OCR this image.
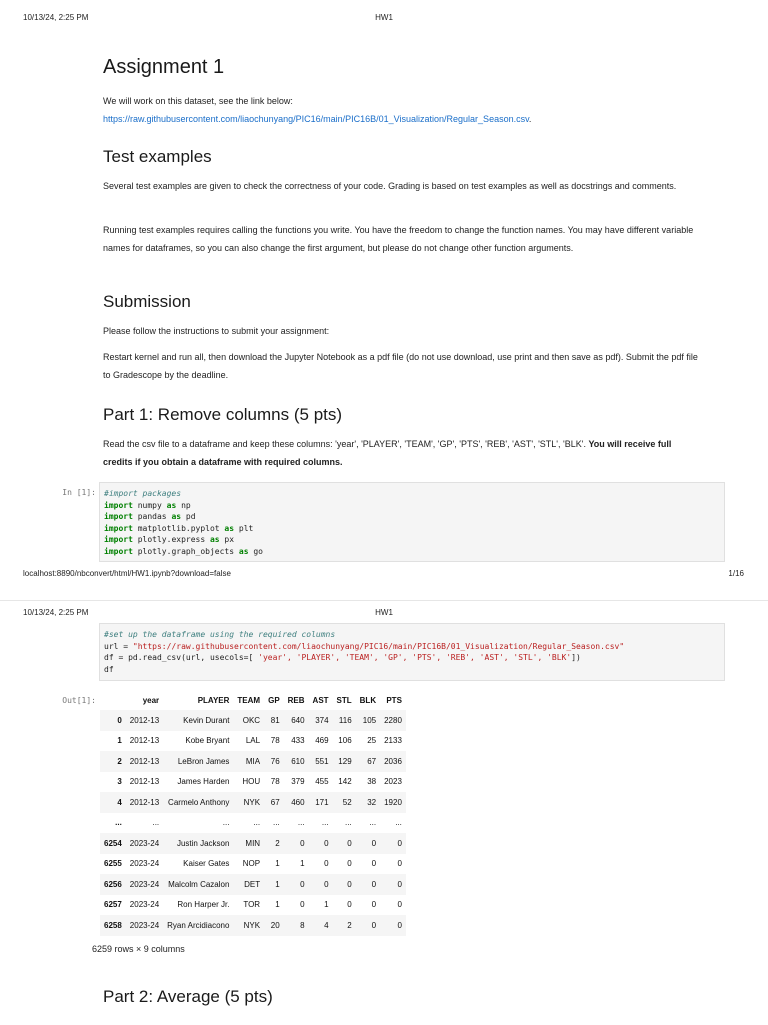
10/13/24, 2:25 PM	HW1
Assignment 1

We will work on this dataset, see the link below:
https://raw.githubusercontent.com/liaochunyang/PIC16/main/PIC16B/01_Visualization/Regular_Season.csv.

Test examples

Several test examples are given to check the correctness of your code. Grading is based on test examples as well as docstrings and comments.

Running test examples requires calling the functions you write. You have the freedom to change the function names. You may have different variable names for dataframes, so you can also change the first argument, but please do not change other function arguments.

Submission

Please follow the instructions to submit your assignment:

Restart kernel and run all, then download the Jupyter Notebook as a pdf file (do not use download, use print and then save as pdf). Submit the pdf file to Gradescope by the deadline.

Part 1: Remove columns (5 pts)

Read the csv file to a dataframe and keep these columns: 'year', 'PLAYER', 'TEAM', 'GP', 'PTS', 'REB', 'AST', 'STL', 'BLK'. You will receive full credits if you obtain a dataframe with required columns.

In [1]:	#import packages
import numpy as np
import pandas as pd
import matplotlib.pyplot as plt
import plotly.express as px
import plotly.graph_objects as go
localhost:8890/nbconvert/html/HW1.ipynb?download=false	1/16
10/13/24, 2:25 PM	HW1
#set up the dataframe using the required columns
url = "https://raw.githubusercontent.com/liaochunyang/PIC16/main/PIC16B/01_Visualization/Regular_Season.csv"
df = pd.read_csv(url, usecols=[ 'year', 'PLAYER', 'TEAM', 'GP', 'PTS', 'REB', 'AST', 'STL', 'BLK'])
df
Out[1]:
		year	PLAYER	TEAM	GP	REB	AST	STL	BLK	PTS
0	2012-13	Kevin Durant	OKC	81	640	374	116	105	2280
1	2012-13	Kobe Bryant	LAL	78	433	469	106	25	2133
2	2012-13	LeBron James	MIA	76	610	551	129	67	2036
3	2012-13	James Harden	HOU	78	379	455	142	38	2023
4	2012-13	Carmelo Anthony	NYK	67	460	171	52	32	1920
...	...	...	...	...	...	...	...	...	...
6254	2023-24	Justin Jackson	MIN	2	0	0	0	0	0
6255	2023-24	Kaiser Gates	NOP	1	1	0	0	0	0
6256	2023-24	Malcolm Cazalon	DET	1	0	0	0	0	0
6257	2023-24	Ron Harper Jr.	TOR	1	0	1	0	0	0
6258	2023-24	Ryan Arcidiacono	NYK	20	8	4	2	0	0
6259 rows × 9 columns
Part 2: Average (5 pts)
